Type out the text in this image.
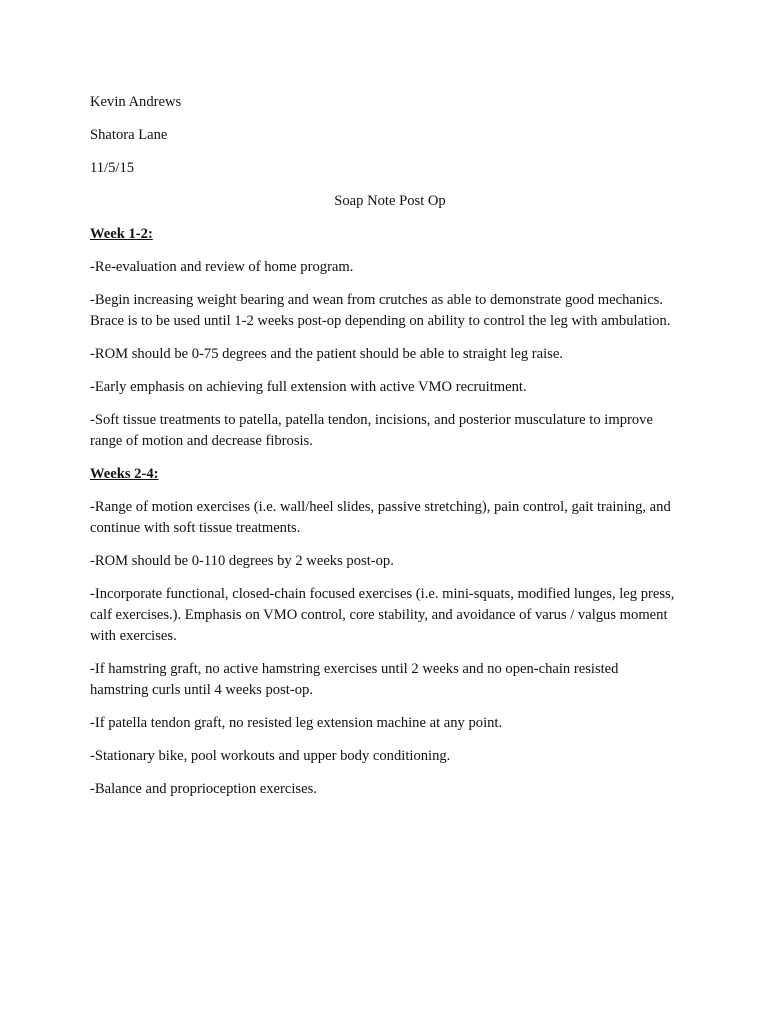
Kevin Andrews

Shatora Lane

11/5/15

Soap Note Post Op

Week 1-2:

-Re-evaluation and review of home program.

-Begin increasing weight bearing and wean from crutches as able to demonstrate good mechanics. Brace is to be used until 1-2 weeks post-op depending on ability to control the leg with ambulation.

-ROM should be 0-75 degrees and the patient should be able to straight leg raise.

-Early emphasis on achieving full extension with active VMO recruitment.

-Soft tissue treatments to patella, patella tendon, incisions, and posterior musculature to improve range of motion and decrease fibrosis.

Weeks 2-4:

-Range of motion exercises (i.e. wall/heel slides, passive stretching), pain control, gait training, and continue with soft tissue treatments.

-ROM should be 0-110 degrees by 2 weeks post-op.

-Incorporate functional, closed-chain focused exercises (i.e. mini-squats, modified lunges, leg press, calf exercises.). Emphasis on VMO control, core stability, and avoidance of varus / valgus moment with exercises.

-If hamstring graft, no active hamstring exercises until 2 weeks and no open-chain resisted hamstring curls until 4 weeks post-op.

-If patella tendon graft, no resisted leg extension machine at any point.

-Stationary bike, pool workouts and upper body conditioning.

-Balance and proprioception exercises.
